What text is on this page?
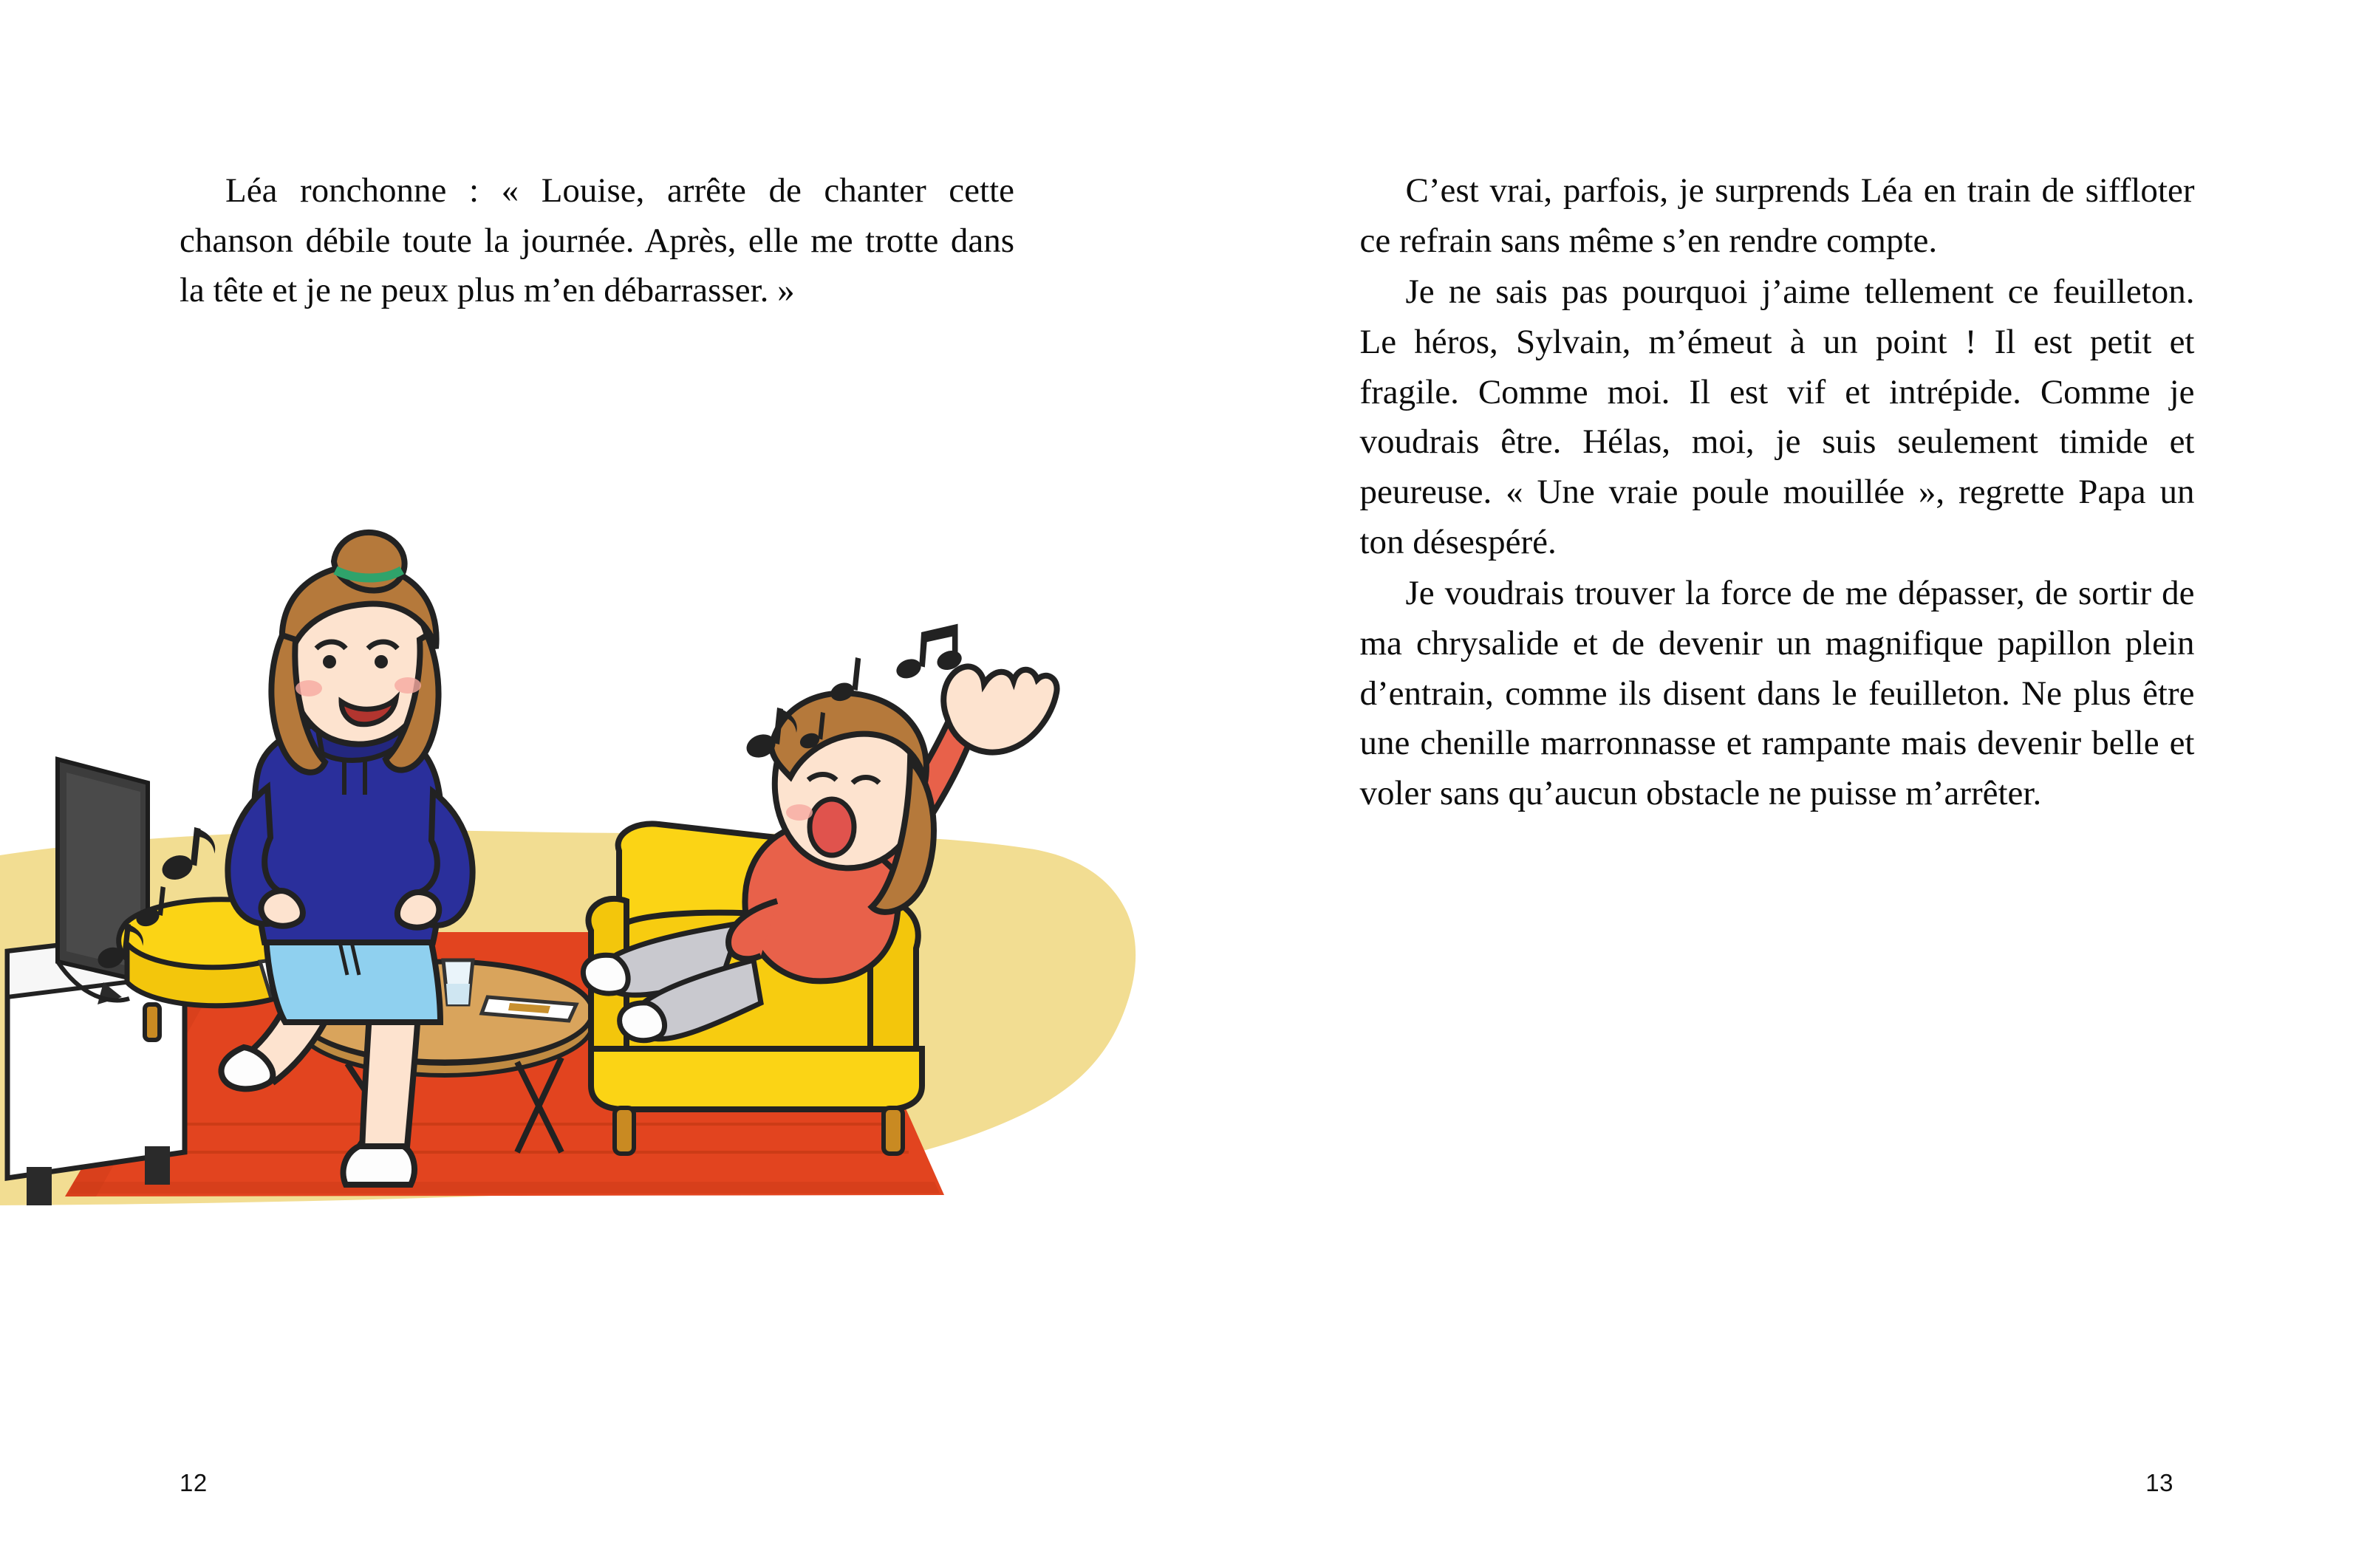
Léa ronchonne : « Louise, arrête de chanter cette chanson débile toute la journée. Après, elle me trotte dans la tête et je ne peux plus m’en débarrasser. »

12

C’est vrai, parfois, je surprends Léa en train de siffloter ce refrain sans même s’en rendre compte.

Je ne sais pas pourquoi j’aime tellement ce feuilleton. Le héros, Sylvain, m’émeut à un point ! Il est petit et fragile. Comme moi. Il est vif et intrépide. Comme je voudrais être. Hélas, moi, je suis seulement timide et peureuse. « Une vraie poule mouillée », regrette Papa un ton désespéré.

Je voudrais trouver la force de me dépasser, de sortir de ma chrysalide et de devenir un magnifique papillon plein d’entrain, comme ils disent dans le feuilleton. Ne plus être une chenille marronnasse et rampante mais devenir belle et voler sans qu’aucun obstacle ne puisse m’arrêter.

13
